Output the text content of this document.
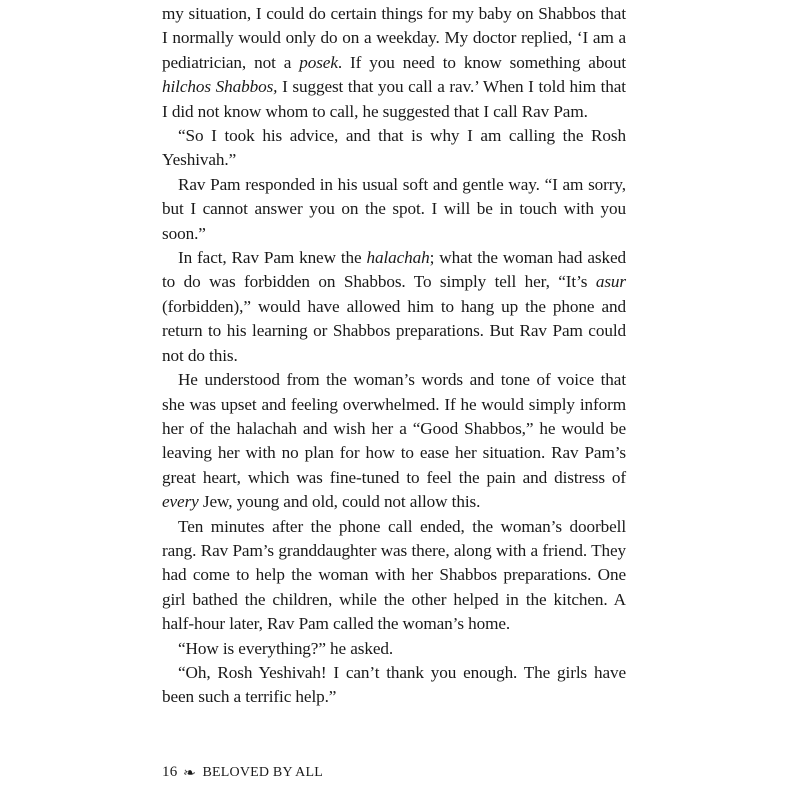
my situation, I could do certain things for my baby on Shabbos that I normally would only do on a weekday. My doctor replied, ‘I am a pediatrician, not a posek. If you need to know something about hilchos Shabbos, I suggest that you call a rav.’ When I told him that I did not know whom to call, he suggested that I call Rav Pam.

“So I took his advice, and that is why I am calling the Rosh Yeshivah.”

Rav Pam responded in his usual soft and gentle way. “I am sorry, but I cannot answer you on the spot. I will be in touch with you soon.”

In fact, Rav Pam knew the halachah; what the woman had asked to do was forbidden on Shabbos. To simply tell her, “It’s asur (forbidden),” would have allowed him to hang up the phone and return to his learning or Shabbos preparations. But Rav Pam could not do this.

He understood from the woman’s words and tone of voice that she was upset and feeling overwhelmed. If he would simply inform her of the halachah and wish her a “Good Shabbos,” he would be leaving her with no plan for how to ease her situation. Rav Pam’s great heart, which was fine-tuned to feel the pain and distress of every Jew, young and old, could not allow this.

Ten minutes after the phone call ended, the woman’s doorbell rang. Rav Pam’s granddaughter was there, along with a friend. They had come to help the woman with her Shabbos preparations. One girl bathed the children, while the other helped in the kitchen. A half-hour later, Rav Pam called the woman’s home.

“How is everything?” he asked.

“Oh, Rosh Yeshivah! I can’t thank you enough. The girls have been such a terrific help.”

16 ❧ BELOVED BY ALL
